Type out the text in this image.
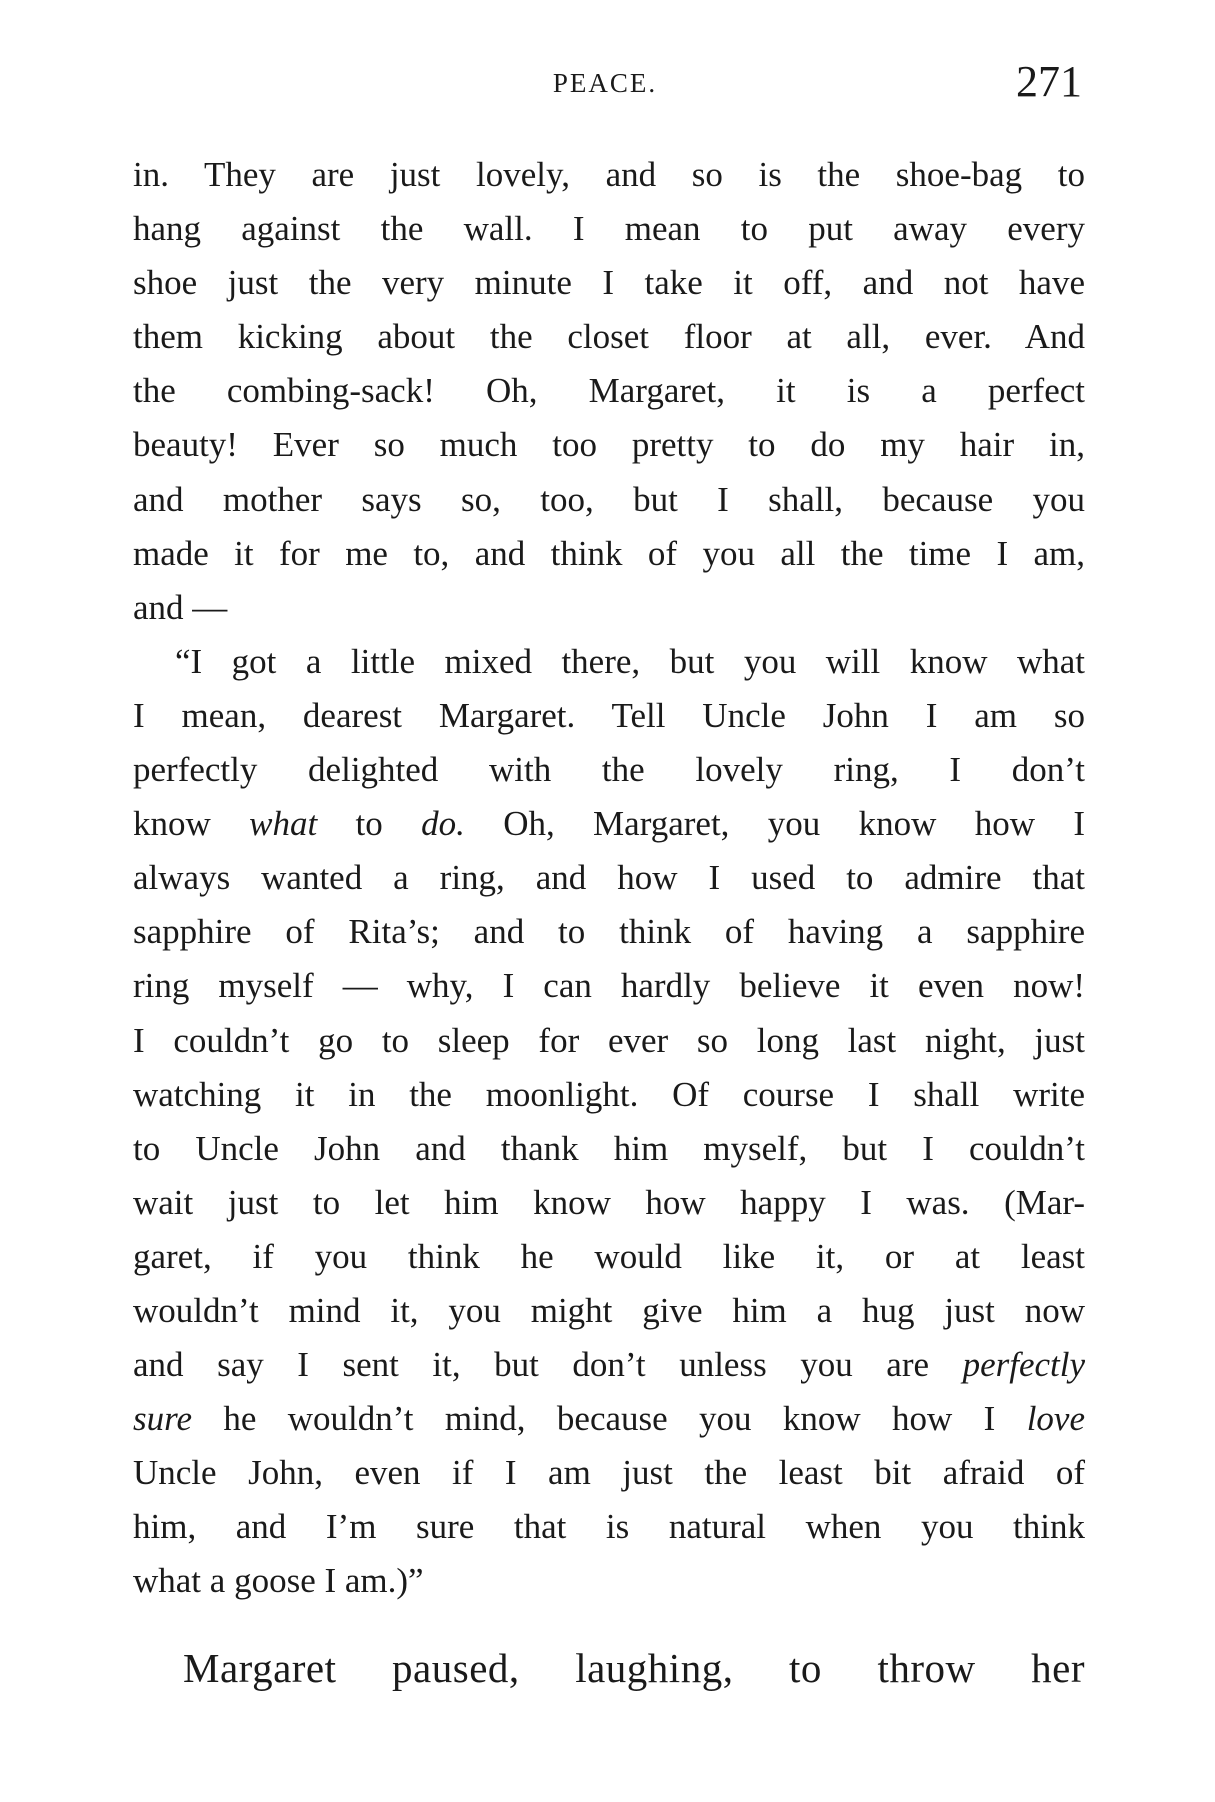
PEACE.	271
in. They are just lovely, and so is the shoe-bag to
hang against the wall. I mean to put away every
shoe just the very minute I take it off, and not have
them kicking about the closet floor at all, ever. And
the combing-sack! Oh, Margaret, it is a perfect
beauty! Ever so much too pretty to do my hair in,
and mother says so, too, but I shall, because you
made it for me to, and think of you all the time I am,
and —
“I got a little mixed there, but you will know what
I mean, dearest Margaret. Tell Uncle John I am so
perfectly delighted with the lovely ring, I don’t
know what to do. Oh, Margaret, you know how I
always wanted a ring, and how I used to admire that
sapphire of Rita’s; and to think of having a sapphire
ring myself — why, I can hardly believe it even now!
I couldn’t go to sleep for ever so long last night, just
watching it in the moonlight. Of course I shall write
to Uncle John and thank him myself, but I couldn’t
wait just to let him know how happy I was. (Mar-
garet, if you think he would like it, or at least
wouldn’t mind it, you might give him a hug just now
and say I sent it, but don’t unless you are perfectly
sure he wouldn’t mind, because you know how I love
Uncle John, even if I am just the least bit afraid of
him, and I’m sure that is natural when you think
what a goose I am.)”
Margaret paused, laughing, to throw her
